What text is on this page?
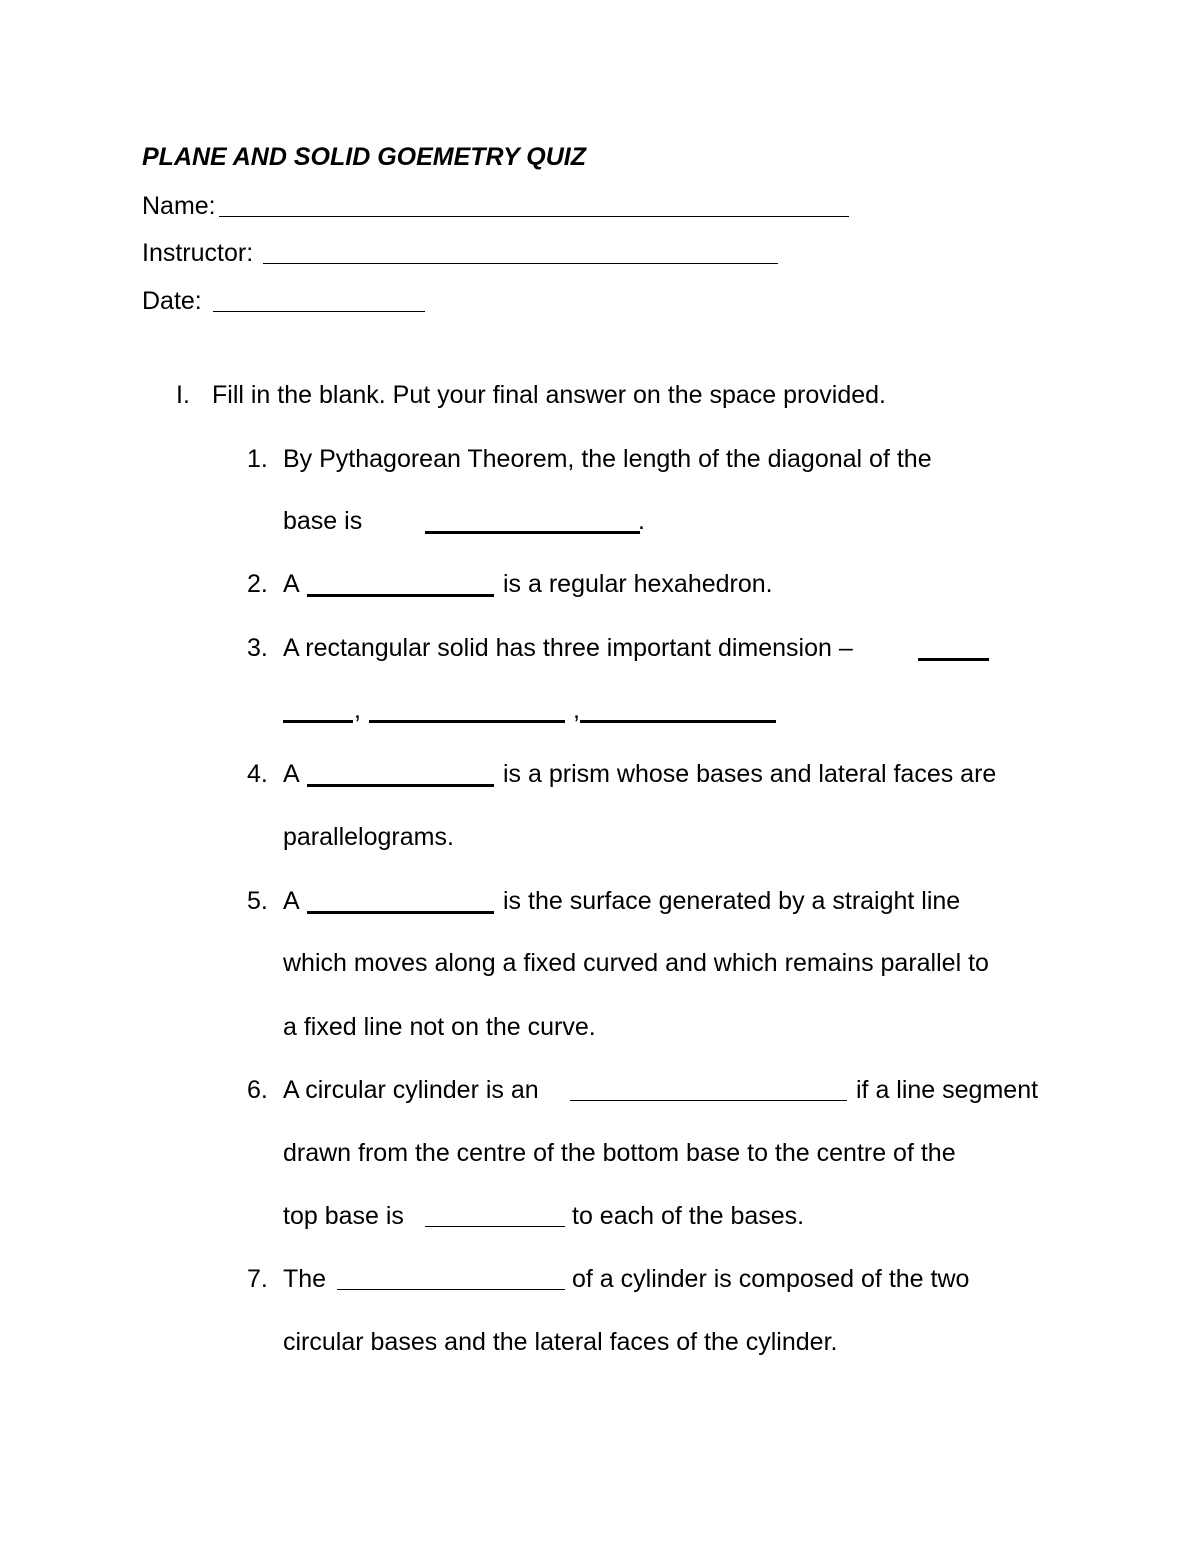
PLANE AND SOLID GOEMETRY QUIZ
Name:
Instructor:
Date:
I. Fill in the blank. Put your final answer on the space provided.
1. By Pythagorean Theorem, the length of the diagonal of the
base is	.
2. A	is a regular hexahedron.
3. A rectangular solid has three important dimension –
,	,
4. A	is a prism whose bases and lateral faces are
parallelograms.
5. A	is the surface generated by a straight line
which moves along a fixed curved and which remains parallel to
a fixed line not on the curve.
6. A circular cylinder is an	if a line segment
drawn from the centre of the bottom base to the centre of the
top base is	to each of the bases.
7. The	of a cylinder is composed of the two
circular bases and the lateral faces of the cylinder.
